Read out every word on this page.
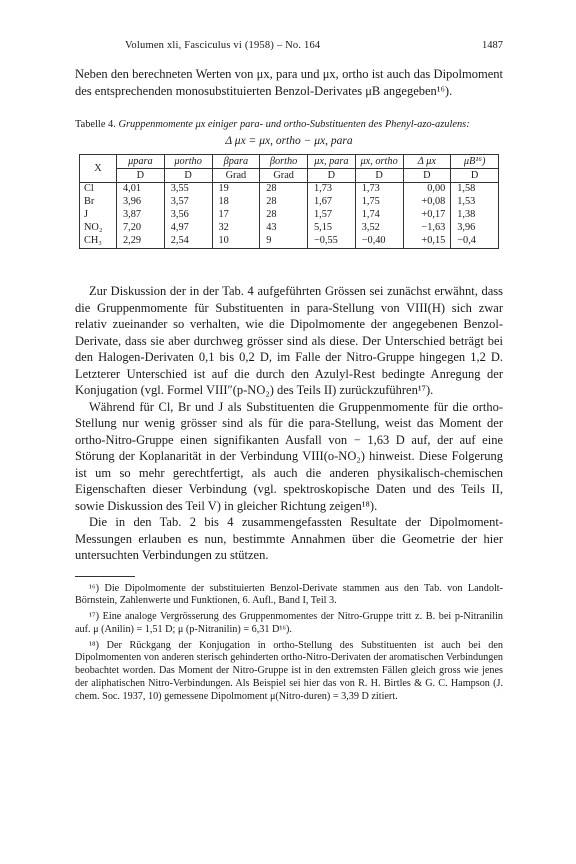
Volumen xli, Fasciculus vi (1958) – No. 164	1487

Neben den berechneten Werten von μx, para und μx, ortho ist auch das Dipolmoment des entsprechenden monosubstituierten Benzol-Derivates μB angegeben¹⁶).

Tabelle 4. Gruppenmomente μx einiger para- und ortho-Substituenten des Phenyl-azo-azulens:
Δ μx = μx, ortho − μx, para
X	μpara	μortho	βpara	βortho	μx, para	μx, ortho	Δ μx	μB¹⁶)
	D	D	Grad	Grad	D	D	D	D
Cl	4,01	3,55	19	28	1,73	1,73	0,00	1,58
Br	3,96	3,57	18	28	1,67	1,75	+0,08	1,53
J	3,87	3,56	17	28	1,57	1,74	+0,17	1,38
NO₂	7,20	4,97	32	43	5,15	3,52	−1,63	3,96
CH₃	2,29	2,54	10	9	−0,55	−0,40	+0,15	−0,4

Zur Diskussion der in der Tab. 4 aufgeführten Grössen sei zunächst erwähnt, dass die Gruppenmomente für Substituenten in para-Stellung von VIII(H) sich zwar relativ zueinander so verhalten, wie die Dipolmomente der angegebenen Benzol-Derivate, dass sie aber durchweg grösser sind als diese. Der Unterschied beträgt bei den Halogen-Derivaten 0,1 bis 0,2 D, im Falle der Nitro-Gruppe hingegen 1,2 D. Letzterer Unterschied ist auf die durch den Azulyl-Rest bedingte Anregung der Konjugation (vgl. Formel VIII″(p-NO₂) des Teils II) zurückzuführen¹⁷).

Während für Cl, Br und J als Substituenten die Gruppenmomente für die ortho-Stellung nur wenig grösser sind als für die para-Stellung, weist das Moment der ortho-Nitro-Gruppe einen signifikanten Ausfall von − 1,63 D auf, der auf eine Störung der Koplanarität in der Verbindung VIII(o-NO₂) hinweist. Diese Folgerung ist um so mehr gerechtfertigt, als auch die anderen physikalisch-chemischen Eigenschaften dieser Verbindung (vgl. spektroskopische Daten und des Teils II, sowie Diskussion des Teil V) in gleicher Richtung zeigen¹⁸).

Die in den Tab. 2 bis 4 zusammengefassten Resultate der Dipolmoment-Messungen erlauben es nun, bestimmte Annahmen über die Geometrie der hier untersuchten Verbindungen zu stützen.

¹⁶) Die Dipolmomente der substituierten Benzol-Derivate stammen aus den Tab. von Landolt-Börnstein, Zahlenwerte und Funktionen, 6. Aufl., Band I, Teil 3.

¹⁷) Eine analoge Vergrösserung des Gruppenmomentes der Nitro-Gruppe tritt z. B. bei p-Nitranilin auf. μ (Anilin) = 1,51 D; μ (p-Nitranilin) = 6,31 D¹⁶).

¹⁸) Der Rückgang der Konjugation in ortho-Stellung des Substituenten ist auch bei den Dipolmomenten von anderen sterisch gehinderten ortho-Nitro-Derivaten der aromatischen Verbindungen beobachtet worden. Das Moment der Nitro-Gruppe ist in den extremsten Fällen gleich gross wie jenes der aliphatischen Nitro-Verbindungen. Als Beispiel sei hier das von R. H. Birtles & G. C. Hampson (J. chem. Soc. 1937, 10) gemessene Dipolmoment μ(Nitro-duren) = 3,39 D zitiert.
